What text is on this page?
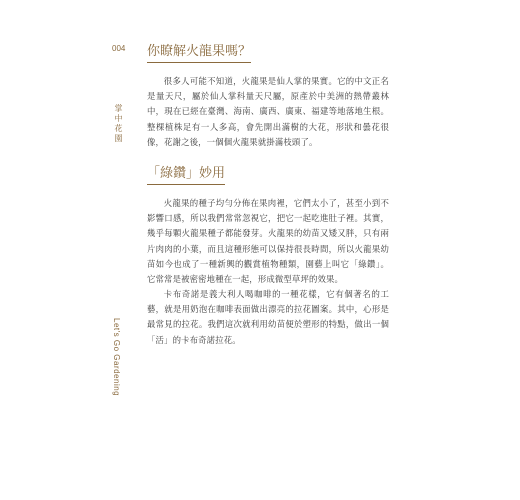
004
掌中花園
Let's Go Gardening
你瞭解火龍果嗎？

很多人可能不知道，火龍果是仙人掌的果實。它的中文正名是量天尺，屬於仙人掌科量天尺屬，原產於中美洲的熱帶叢林中，現在已經在臺灣、海南、廣西、廣東、福建等地落地生根。整棵植株足有一人多高，會先開出滿樹的大花，形狀和曇花很像，花謝之後，一個個火龍果就掛滿枝頭了。

「綠鑽」妙用

火龍果的種子均勻分佈在果肉裡，它們太小了，甚至小到不影響口感，所以我們常常忽視它，把它一起吃進肚子裡。其實，幾乎每顆火龍果種子都能發芽。火龍果的幼苗又矮又胖，只有兩片肉肉的小葉，而且這種形態可以保持很長時間，所以火龍果幼苗如今也成了一種新興的觀賞植物種類，園藝上叫它「綠鑽」。它常常是被密密地種在一起，形成微型草坪的效果。

卡布奇諾是義大利人喝咖啡的一種花樣，它有個著名的工藝，就是用奶泡在咖啡表面做出漂亮的拉花圖案。其中，心形是最常見的拉花。我們這次就利用幼苗便於塑形的特點，做出一個「活」的卡布奇諾拉花。
